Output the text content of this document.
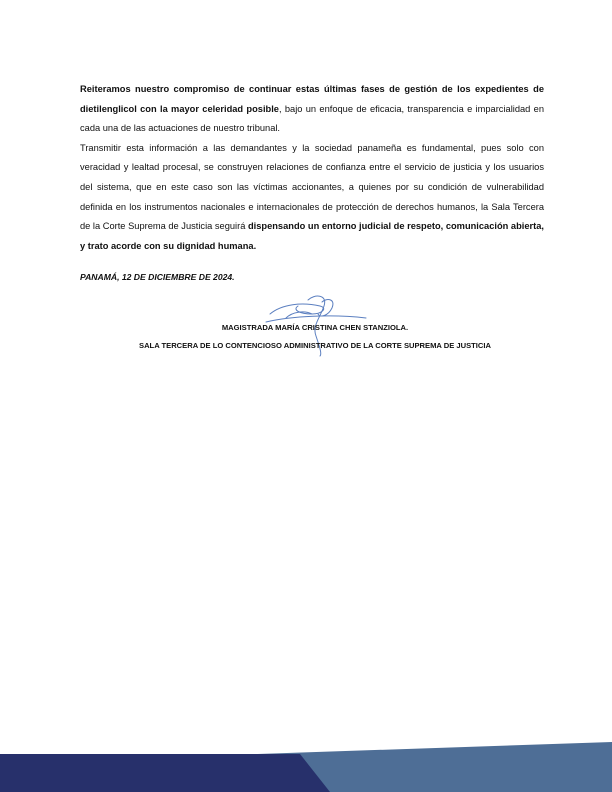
Reiteramos nuestro compromiso de continuar estas últimas fases de gestión de los expedientes de dietilenglicol con la mayor celeridad posible, bajo un enfoque de eficacia, transparencia e imparcialidad en cada una de las actuaciones de nuestro tribunal.

Transmitir esta información a las demandantes y la sociedad panameña es fundamental, pues solo con veracidad y lealtad procesal, se construyen relaciones de confianza entre el servicio de justicia y los usuarios del sistema, que en este caso son las víctimas accionantes, a quienes por su condición de vulnerabilidad definida en los instrumentos nacionales e internacionales de protección de derechos humanos, la Sala Tercera de la Corte Suprema de Justicia seguirá dispensando un entorno judicial de respeto, comunicación abierta, y trato acorde con su dignidad humana.

PANAMÁ, 12 DE DICIEMBRE DE 2024.
MAGISTRADA MARÍA CRISTINA CHEN STANZIOLA.
SALA TERCERA DE LO CONTENCIOSO ADMINISTRATIVO DE LA CORTE SUPREMA DE JUSTICIA
